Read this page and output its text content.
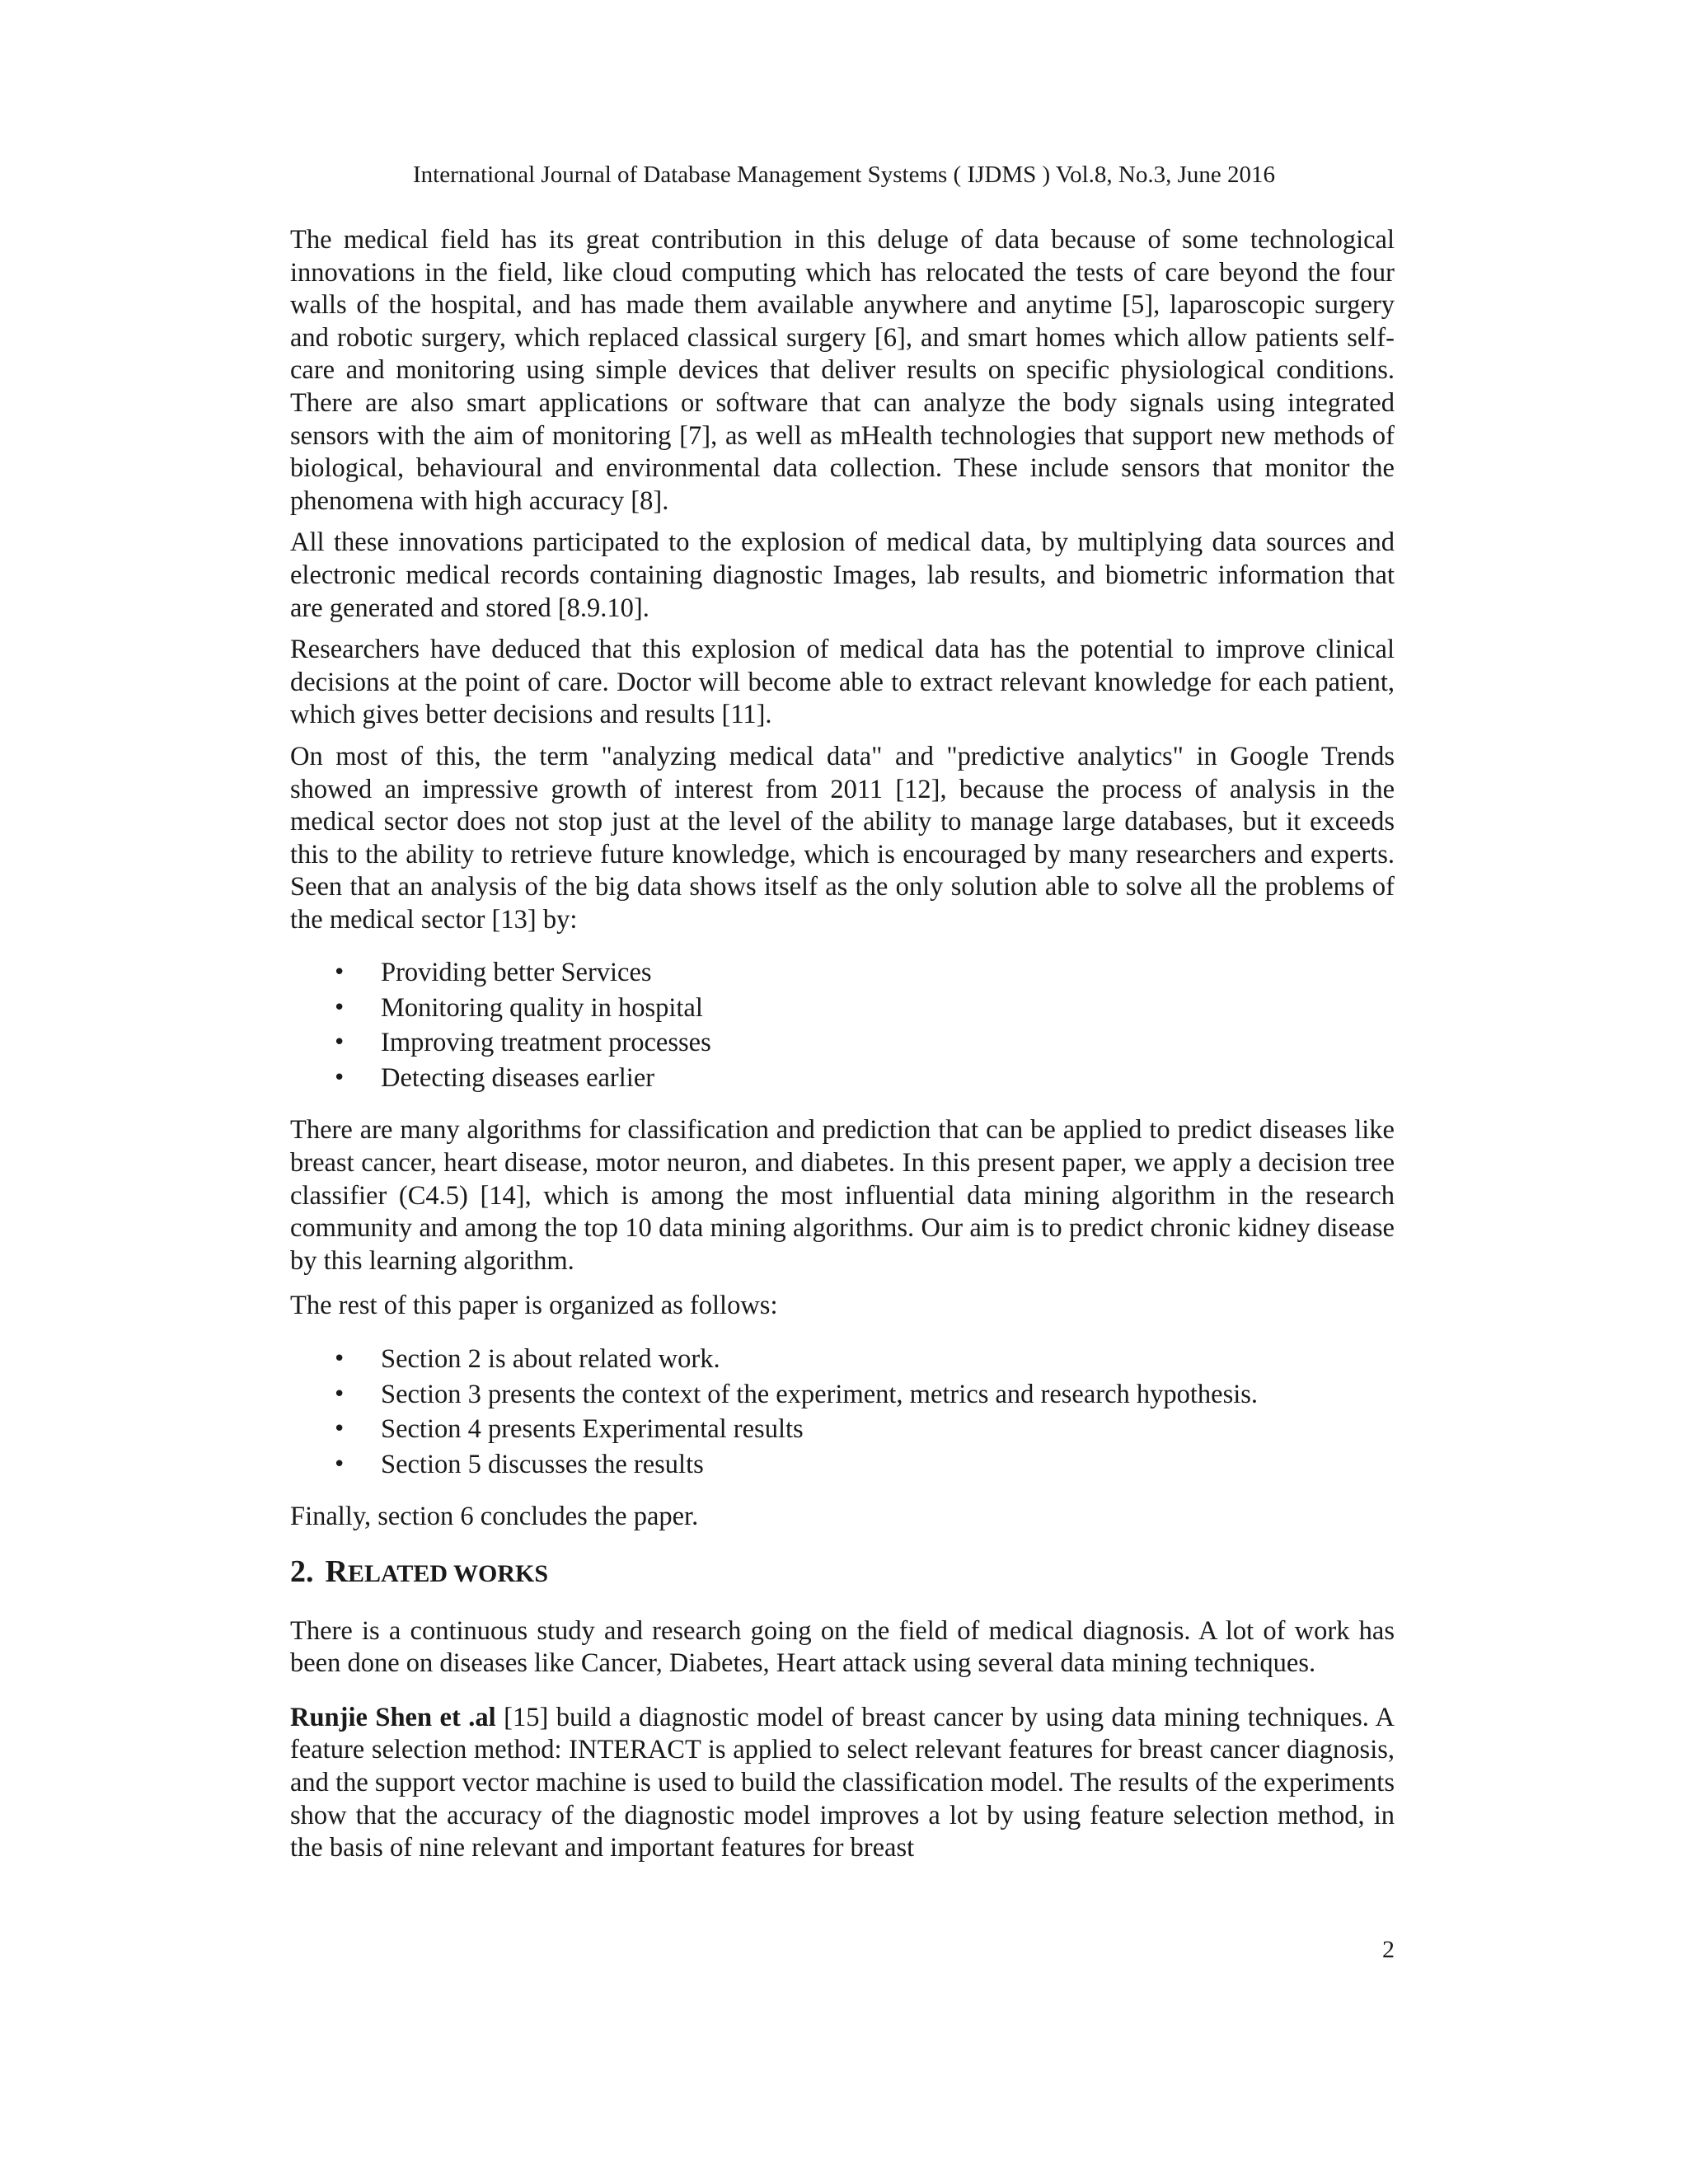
International Journal of Database Management Systems ( IJDMS ) Vol.8, No.3, June 2016

The medical field has its great contribution in this deluge of data because of some technological innovations in the field, like cloud computing which has relocated the tests of care beyond the four walls of the hospital, and has made them available anywhere and anytime [5], laparoscopic surgery and robotic surgery, which replaced classical surgery [6], and smart homes which allow patients self-care and monitoring using simple devices that deliver results on specific physiological conditions. There are also smart applications or software that can analyze the body signals using integrated sensors with the aim of monitoring [7], as well as mHealth technologies that support new methods of biological, behavioural and environmental data collection. These include sensors that monitor the phenomena with high accuracy [8].

All these innovations participated to the explosion of medical data, by multiplying data sources and electronic medical records containing diagnostic Images, lab results, and biometric information that are generated and stored [8.9.10].

Researchers have deduced that this explosion of medical data has the potential to improve clinical decisions at the point of care. Doctor will become able to extract relevant knowledge for each patient, which gives better decisions and results [11].

On most of this, the term "analyzing medical data" and "predictive analytics" in Google Trends showed an impressive growth of interest from 2011 [12], because the process of analysis in the medical sector does not stop just at the level of the ability to manage large databases, but it exceeds this to the ability to retrieve future knowledge, which is encouraged by many researchers and experts. Seen that an analysis of the big data shows itself as the only solution able to solve all the problems of the medical sector [13] by:

• Providing better Services
• Monitoring quality in hospital
• Improving treatment processes
• Detecting diseases earlier

There are many algorithms for classification and prediction that can be applied to predict diseases like breast cancer, heart disease, motor neuron, and diabetes. In this present paper, we apply a decision tree classifier (C4.5) [14], which is among the most influential data mining algorithm in the research community and among the top 10 data mining algorithms. Our aim is to predict chronic kidney disease by this learning algorithm.

The rest of this paper is organized as follows:

• Section 2 is about related work.
• Section 3 presents the context of the experiment, metrics and research hypothesis.
• Section 4 presents Experimental results
• Section 5 discusses the results

Finally, section 6 concludes the paper.

2. RELATED WORKS

There is a continuous study and research going on the field of medical diagnosis. A lot of work has been done on diseases like Cancer, Diabetes, Heart attack using several data mining techniques.

Runjie Shen et .al [15] build a diagnostic model of breast cancer by using data mining techniques. A feature selection method: INTERACT is applied to select relevant features for breast cancer diagnosis, and the support vector machine is used to build the classification model. The results of the experiments show that the accuracy of the diagnostic model improves a lot by using feature selection method, in the basis of nine relevant and important features for breast

2
